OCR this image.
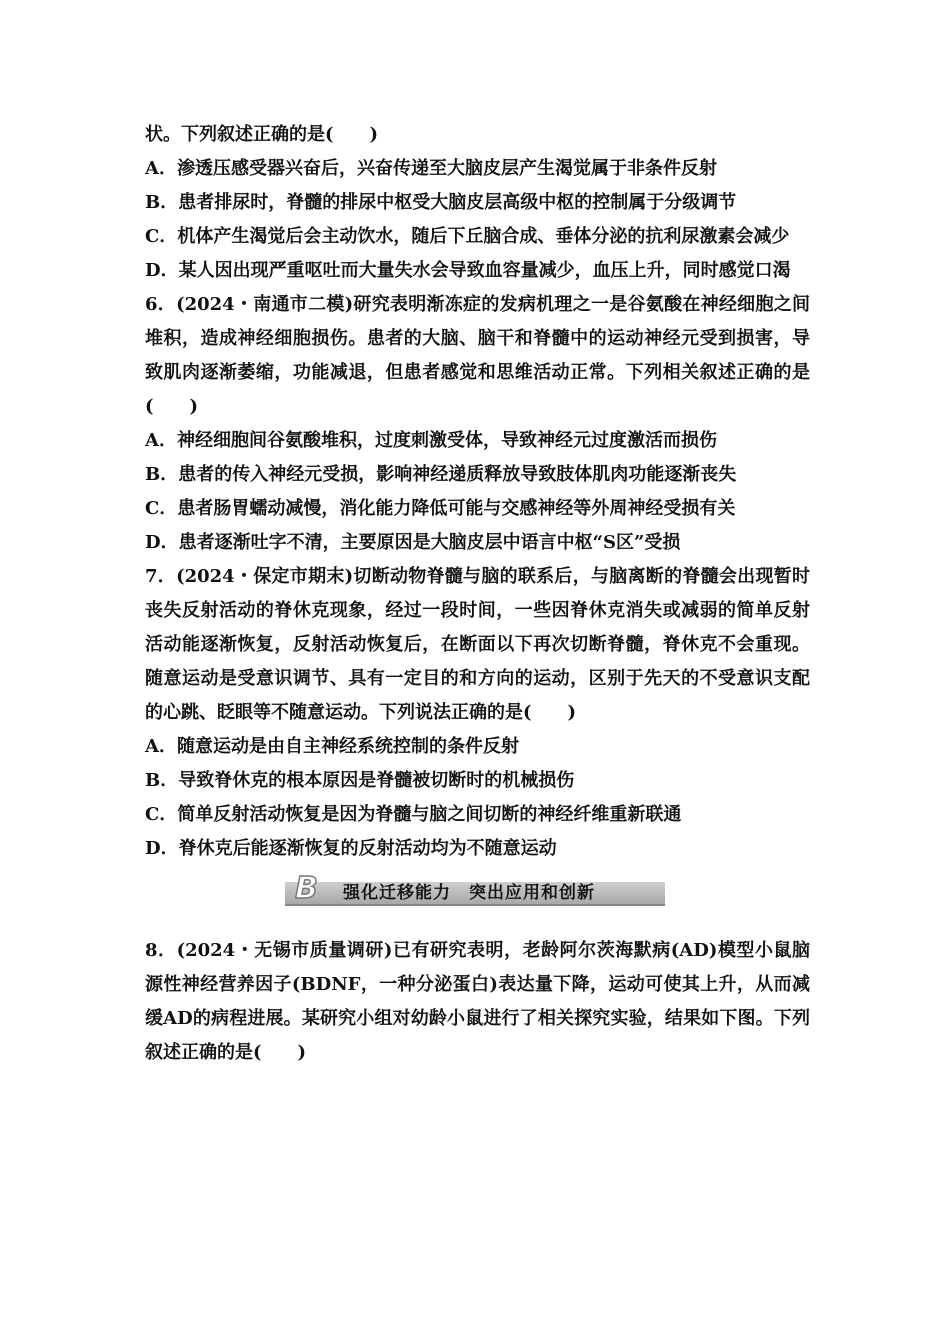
状。下列叙述正确的是(　　)
A．渗透压感受器兴奋后，兴奋传递至大脑皮层产生渴觉属于非条件反射
B．患者排尿时，脊髓的排尿中枢受大脑皮层高级中枢的控制属于分级调节
C．机体产生渴觉后会主动饮水，随后下丘脑合成、垂体分泌的抗利尿激素会减少
D．某人因出现严重呕吐而大量失水会导致血容量减少，血压上升，同时感觉口渴
6．(2024・南通市二模)研究表明渐冻症的发病机理之一是谷氨酸在神经细胞之间堆积，造成神经细胞损伤。患者的大脑、脑干和脊髓中的运动神经元受到损害，导致肌肉逐渐萎缩，功能减退，但患者感觉和思维活动正常。下列相关叙述正确的是(　　)
A．神经细胞间谷氨酸堆积，过度刺激受体，导致神经元过度激活而损伤
B．患者的传入神经元受损，影响神经递质释放导致肢体肌肉功能逐渐丧失
C．患者肠胃蠕动减慢，消化能力降低可能与交感神经等外周神经受损有关
D．患者逐渐吐字不清，主要原因是大脑皮层中语言中枢“S区”受损
7．(2024・保定市期末)切断动物脊髓与脑的联系后，与脑离断的脊髓会出现暂时丧失反射活动的脊休克现象，经过一段时间，一些因脊休克消失或减弱的简单反射活动能逐渐恢复，反射活动恢复后，在断面以下再次切断脊髓，脊休克不会重现。随意运动是受意识调节、具有一定目的和方向的运动，区别于先天的不受意识支配的心跳、眨眼等不随意运动。下列说法正确的是(　　)
A．随意运动是由自主神经系统控制的条件反射
B．导致脊休克的根本原因是脊髓被切断时的机械损伤
C．简单反射活动恢复是因为脊髓与脑之间切断的神经纤维重新联通
D．脊休克后能逐渐恢复的反射活动均为不随意运动
B	强化迁移能力　突出应用和创新
8．(2024・无锡市质量调研)已有研究表明，老龄阿尔茨海默病(AD)模型小鼠脑源性神经营养因子(BDNF，一种分泌蛋白)表达量下降，运动可使其上升，从而减缓AD的病程进展。某研究小组对幼龄小鼠进行了相关探究实验，结果如下图。下列叙述正确的是(　　)
